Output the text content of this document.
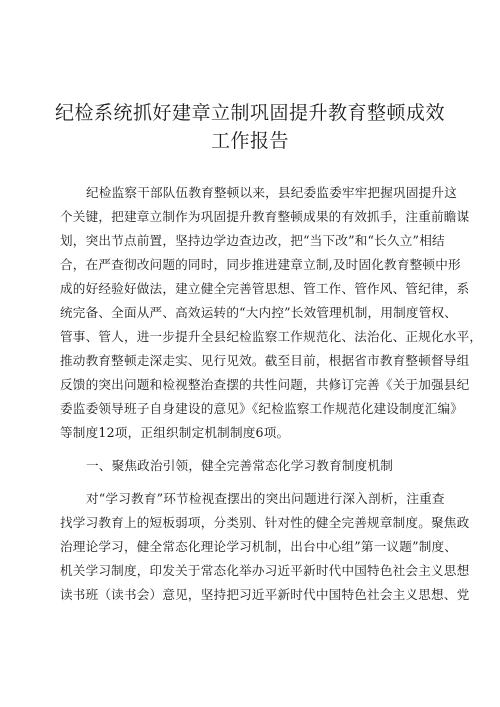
纪检系统抓好建章立制巩固提升教育整顿成效
工作报告
纪检监察干部队伍教育整顿以来，县纪委监委牢牢把握巩固提升这
个关键，把建章立制作为巩固提升教育整顿成果的有效抓手，注重前瞻谋
划，突出节点前置，坚持边学边查边改，把“当下改”和“长久立”相结
合，在严查彻改问题的同时，同步推进建章立制,及时固化教育整顿中形
成的好经验好做法，建立健全完善管思想、管工作、管作风、管纪律，系
统完备、全面从严、高效运转的“大内控”长效管理机制，用制度管权、
管事、管人，进一步提升全县纪检监察工作规范化、法治化、正规化水平，
推动教育整顿走深走实、见行见效。截至目前，根据省市教育整顿督导组
反馈的突出问题和检视整治查摆的共性问题，共修订完善《关于加强县纪
委监委领导班子自身建设的意见》《纪检监察工作规范化建设制度汇编》
等制度12项，正组织制定机制制度6项。
一、聚焦政治引领，健全完善常态化学习教育制度机制
对“学习教育”环节检视查摆出的突出问题进行深入剖析，注重查
找学习教育上的短板弱项，分类别、针对性的健全完善规章制度。聚焦政
治理论学习，健全常态化理论学习机制，出台中心组”第一议题”制度、
机关学习制度，印发关于常态化举办习近平新时代中国特色社会主义思想
读书班（读书会）意见，坚持把习近平新时代中国特色社会主义思想、党
